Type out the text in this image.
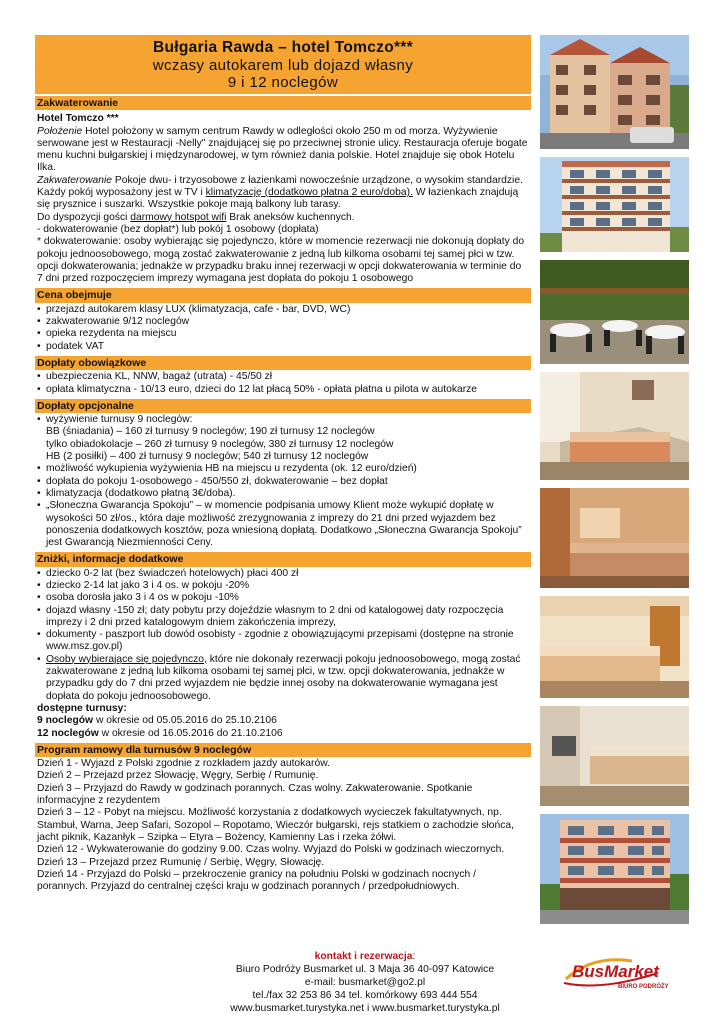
Bułgaria Rawda – hotel Tomczo***
wczasy autokarem lub dojazd własny
9 i 12 noclegów
Zakwaterowanie

Hotel Tomczo ***

Położenie Hotel położony w samym centrum Rawdy w odległości około 250 m od morza. Wyżywienie serwowane jest w Restauracji -Nelly" znajdującej się po przeciwnej stronie ulicy. Restauracja oferuje bogate menu kuchni bułgarskiej i międzynarodowej, w tym również dania polskie. Hotel znajduje się obok Hotelu Ilka.

Zakwaterowanie Pokoje dwu- i trzyosobowe z łazienkami nowocześnie urządzone, o wysokim standardzie. Każdy pokój wyposażony jest w TV i klimatyzację (dodatkowo płatna 2 euro/doba). W łazienkach znajdują się prysznice i suszarki. Wszystkie pokoje mają balkony lub tarasy.

Do dyspozycji gości darmowy hotspot wifi Brak aneksów kuchennych.

- dokwaterowanie (bez dopłat*) lub pokój 1 osobowy (dopłata)

* dokwaterowanie: osoby wybierając się pojedynczo, które w momencie rezerwacji nie dokonują dopłaty do pokoju jednoosobowego, mogą zostać zakwaterowanie z jedną lub kilkoma osobami tej samej płci w tzw. opcji dokwaterowania; jednakże w przypadku braku innej rezerwacji w opcji dokwaterowania w terminie do 7 dni przed rozpoczęciem imprezy wymagana jest dopłata do pokoju 1 osobowego

Cena obejmuje
• przejazd autokarem klasy LUX (klimatyzacja, cafe - bar, DVD, WC)
• zakwaterowanie 9/12 noclegów
• opieka rezydenta na miejscu
• podatek VAT
Dopłaty obowiązkowe
• ubezpieczenia KL, NNW, bagaż (utrata) - 45/50 zł
• opłata klimatyczna - 10/13 euro, dzieci do 12 lat płacą 50% - opłata płatna u pilota w autokarze
Dopłaty opcjonalne
• wyżywienie turnusy 9 noclegów:
BB (śniadania) – 160 zł turnusy 9 noclegów; 190 zł turnusy 12 noclegów
tylko obiadokolacje – 260 zł turnusy 9 noclegów, 380 zł turnusy 12 noclegów
HB (2 posiłki) – 400 zł turnusy 9 noclegów; 540 zł turnusy 12 noclegów
• możliwość wykupienia wyżywienia HB na miejscu u rezydenta (ok. 12 euro/dzień)
• dopłata do pokoju 1-osobowego - 450/550 zł, dokwaterowanie – bez dopłat
• klimatyzacja (dodatkowo płatną 3€/doba).
• „Słoneczna Gwarancja Spokoju” – w momencie podpisania umowy Klient może wykupić dopłatę w wysokości 50 zł/os., która daje możliwość zrezygnowania z imprezy do 21 dni przed wyjazdem bez ponoszenia dodatkowych kosztów, poza wniesioną dopłatą. Dodatkowo „Słoneczna Gwarancja Spokoju” jest Gwarancją Niezmienności Ceny.
Zniżki, informacje dodatkowe
• dziecko 0-2 lat (bez świadczeń hotelowych) płaci 400 zł
• dziecko 2-14 lat jako 3 i 4 os. w pokoju -20%
• osoba dorosła jako 3 i 4 os w pokoju -10%
• dojazd własny -150 zł; daty pobytu przy dojeździe własnym to 2 dni od katalogowej daty rozpoczęcia imprezy i 2 dni przed katalogowym dniem zakończenia imprezy,
• dokumenty - paszport lub dowód osobisty - zgodnie z obowiązującymi przepisami (dostępne na stronie www.msz.gov.pl)
• Osoby wybierające się pojedynczo, które nie dokonały rezerwacji pokoju jednoosobowego, mogą zostać zakwaterowane z jedną lub kilkoma osobami tej samej płci, w tzw. opcji dokwaterowania, jednakże w przypadku gdy do 7 dni przed wyjazdem nie będzie innej osoby na dokwaterowanie wymagana jest dopłata do pokoju jednoosobowego.

dostępne turnusy:

9 noclegów w okresie od 05.05.2016 do 25.10.2106

12 noclegów w okresie od 16.05.2016 do 21.10.2106

Program ramowy dla turnusów 9 noclegów

Dzień 1 - Wyjazd z Polski zgodnie z rozkładem jazdy autokarów.

Dzień 2 – Przejazd przez Słowację, Węgry, Serbię / Rumunię.

Dzień 3 – Przyjazd do Rawdy w godzinach porannych. Czas wolny. Zakwaterowanie. Spotkanie informacyjne z rezydentem

Dzień 3 – 12 - Pobyt na miejscu. Możliwość korzystania z dodatkowych wycieczek fakultatywnych, np. Stambuł, Warna, Jeep Safari, Sozopol – Ropotamo, Wieczór bułgarski, rejs statkiem o zachodzie słońca, jacht piknik, Kazanłyk – Szipka – Etyra – Bożency, Kamienny Las i rzeka żółwi.

Dzień 12 - Wykwaterowanie do godziny 9.00. Czas wolny. Wyjazd do Polski w godzinach wieczornych.

Dzień 13 – Przejazd przez Rumunię / Serbię, Węgry, Słowację.

Dzień 14 - Przyjazd do Polski – przekroczenie granicy na południu Polski w godzinach nocnych / porannych. Przyjazd do centralnej części kraju w godzinach porannych / przedpołudniowych.

kontakt i rezerwacja:
Biuro Podróży Busmarket ul. 3 Maja 36 40-097 Katowice
e-mail: busmarket@go2.pl
tel./fax 32 253 86 34 tel. komórkowy 693 444 554
www.busmarket.turystyka.net i www.busmarket.turystyka.pl
BusMarket
BIURO PODRÓŻY
